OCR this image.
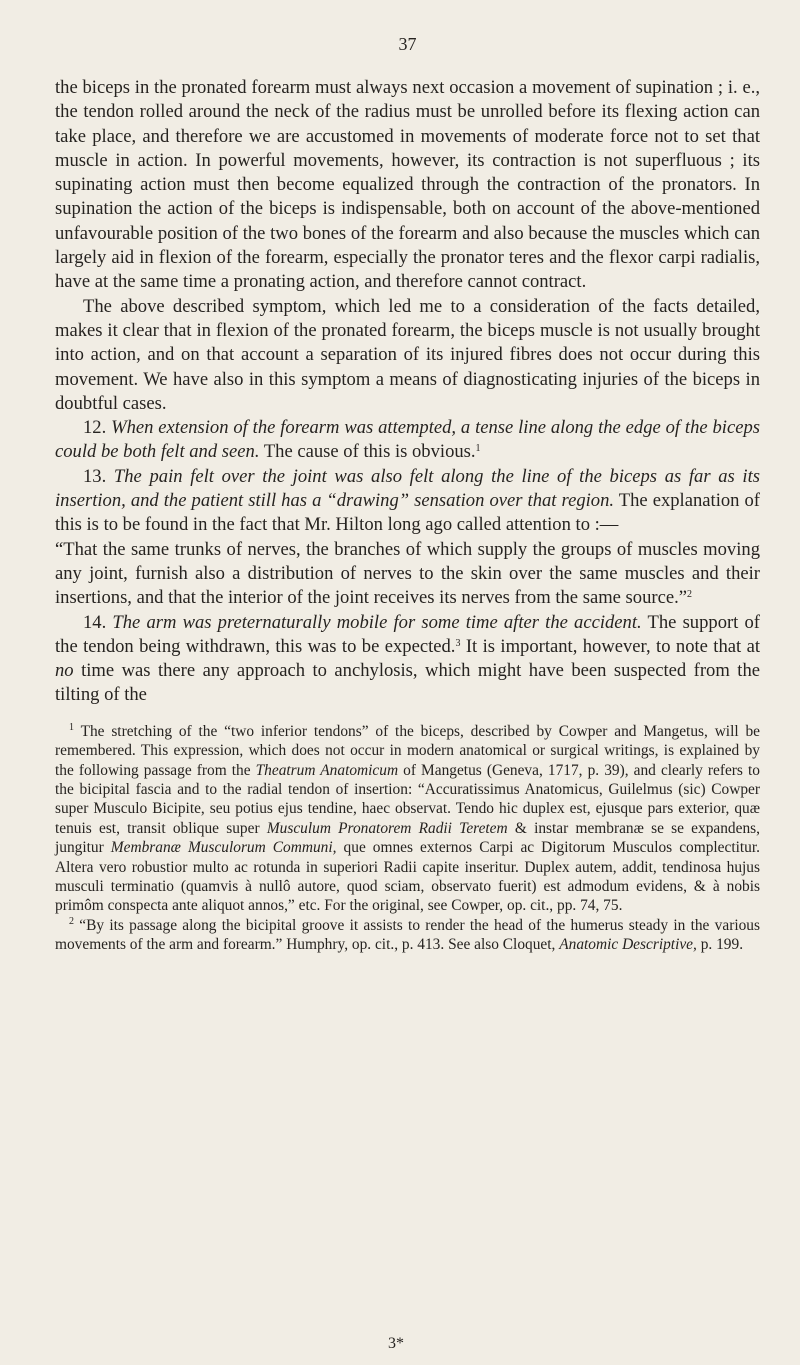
37

the biceps in the pronated forearm must always next occasion a movement of supination ; i. e., the tendon rolled around the neck of the radius must be unrolled before its flexing action can take place, and therefore we are accustomed in movements of moderate force not to set that muscle in action. In powerful movements, however, its contraction is not superfluous ; its supinating action must then become equalized through the contraction of the pronators. In supination the action of the biceps is indispensable, both on account of the above-mentioned unfavourable position of the two bones of the forearm and also because the muscles which can largely aid in flexion of the forearm, especially the pronator teres and the flexor carpi radialis, have at the same time a pronating action, and therefore cannot contract.

The above described symptom, which led me to a consideration of the facts detailed, makes it clear that in flexion of the pronated forearm, the biceps muscle is not usually brought into action, and on that account a separation of its injured fibres does not occur during this movement. We have also in this symptom a means of diagnosticating injuries of the biceps in doubtful cases.

12. When extension of the forearm was attempted, a tense line along the edge of the biceps could be both felt and seen. The cause of this is obvious.$^1$

13. The pain felt over the joint was also felt along the line of the biceps as far as its insertion, and the patient still has a “drawing” sensation over that region. The explanation of this is to be found in the fact that Mr. Hilton long ago called attention to :—

“That the same trunks of nerves, the branches of which supply the groups of muscles moving any joint, furnish also a distribution of nerves to the skin over the same muscles and their insertions, and that the interior of the joint receives its nerves from the same source.”$^2$

14. The arm was preternaturally mobile for some time after the accident. The support of the tendon being withdrawn, this was to be expected.$^3$ It is important, however, to note that at no time was there any approach to anchylosis, which might have been suspected from the tilting of the

$^1$ The stretching of the “two inferior tendons” of the biceps, described by Cowper and Mangetus, will be remembered. This expression, which does not occur in modern anatomical or surgical writings, is explained by the following passage from the Theatrum Anatomicum of Mangetus (Geneva, 1717, p. 39), and clearly refers to the bicipital fascia and to the radial tendon of insertion: “Accuratissimus Anatomicus, Guilelmus (sic) Cowper super Musculo Bicipite, seu potius ejus tendine, haec observat. Tendo hic duplex est, ejusque pars exterior, quæ tenuis est, transit oblique super Musculum Pronatorem Radii Teretem & instar membranæ se se expandens, jungitur Membranæ Musculorum Communi, que omnes externos Carpi ac Digitorum Musculos complectitur. Altera vero robustior multo ac rotunda in superiori Radii capite inseritur. Duplex autem, addit, tendinosa hujus musculi terminatio (quamvis à nullô autore, quod sciam, observato fuerit) est admodum evidens, & à nobis primôm conspecta ante aliquot annos,” etc. For the original, see Cowper, op. cit., pp. 74, 75.

$^2$ “By its passage along the bicipital groove it assists to render the head of the humerus steady in the various movements of the arm and forearm.” Humphry, op. cit., p. 413. See also Cloquet, Anatomic Descriptive, p. 199.

3*
